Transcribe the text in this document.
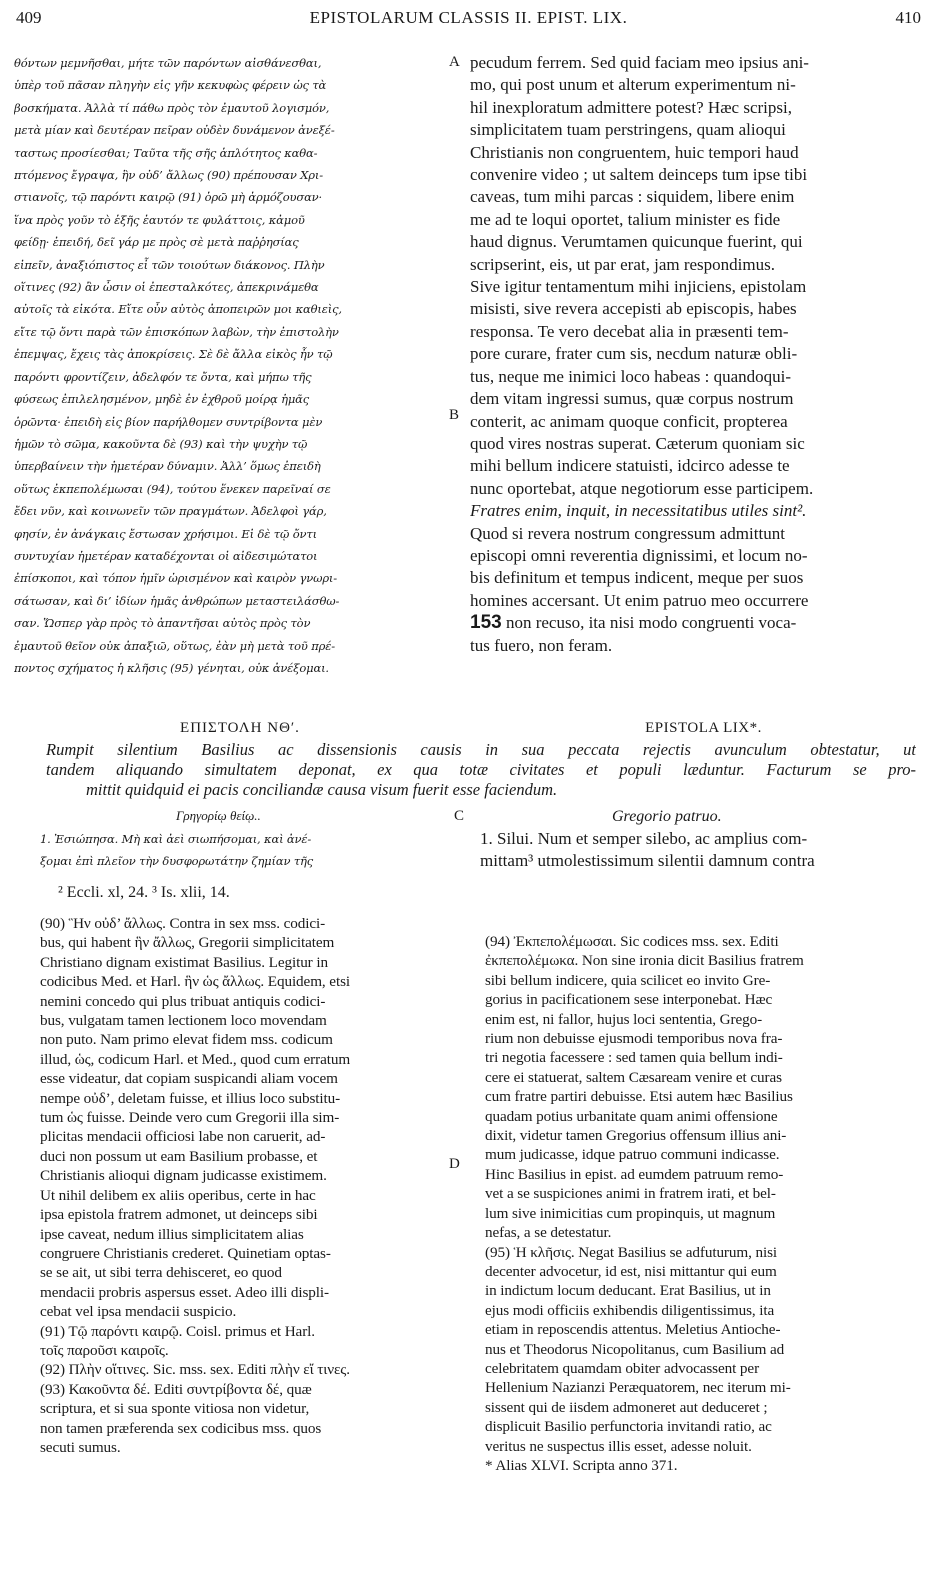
409	EPISTOLARUM CLASSIS II. EPIST. LIX.	410
A
B
C
D
θόντων μεμνῆσθαι, μήτε τῶν παρόντων αἰσθάνεσθαι,
ὑπὲρ τοῦ πᾶσαν πληγὴν εἰς γῆν κεκυφὼς φέρειν ὡς τὰ
βοσκήματα. Ἀλλὰ τί πάθω πρὸς τὸν ἐμαυτοῦ λογισμόν,
μετὰ μίαν καὶ δευτέραν πεῖραν οὐδὲν δυνάμενον ἀνεξέ-
ταστως προσίεσθαι; Ταῦτα τῆς σῆς ἁπλότητος καθα-
πτόμενος ἔγραψα, ἣν οὐδ’ ἄλλως (90) πρέπουσαν Χρι-
στιανοῖς, τῷ παρόντι καιρῷ (91) ὁρῶ μὴ ἁρμόζουσαν·
ἵνα πρὸς γοῦν τὸ ἑξῆς ἑαυτόν τε φυλάττοις, κἀμοῦ
φείδῃ· ἐπειδή, δεῖ γάρ με πρὸς σὲ μετὰ παῤῥησίας
εἰπεῖν, ἀναξιόπιστος εἶ τῶν τοιούτων διάκονος. Πλὴν
οἵτινες (92) ἂν ὦσιν οἱ ἐπεσταλκότες, ἀπεκρινάμεθα
αὐτοῖς τὰ εἰκότα. Εἴτε οὖν αὐτὸς ἀποπειρῶν μοι καθιεὶς,
εἴτε τῷ ὄντι παρὰ τῶν ἐπισκόπων λαβὼν, τὴν ἐπιστολὴν
ἐπεμψας, ἔχεις τὰς ἀποκρίσεις. Σὲ δὲ ἄλλα εἰκὸς ἦν τῷ
παρόντι φροντίζειν, ἀδελφόν τε ὄντα, καὶ μήπω τῆς
φύσεως ἐπιλελησμένον, μηδὲ ἐν ἐχθροῦ μοίρᾳ ἡμᾶς
ὁρῶντα· ἐπειδὴ εἰς βίον παρήλθομεν συντρίβοντα μὲν
ἡμῶν τὸ σῶμα, κακοῦντα δὲ (93) καὶ τὴν ψυχὴν τῷ
ὑπερβαίνειν τὴν ἡμετέραν δύναμιν. Ἀλλ’ ὅμως ἐπειδὴ
οὕτως ἐκπεπολέμωσαι (94), τούτου ἕνεκεν παρεῖναί σε
ἔδει νῦν, καὶ κοινωνεῖν τῶν πραγμάτων. Ἀδελφοὶ γάρ,
φησίν, ἐν ἀνάγκαις ἔστωσαν χρήσιμοι. Εἰ δὲ τῷ ὄντι
συντυχίαν ἡμετέραν καταδέχονται οἱ αἰδεσιμώτατοι
ἐπίσκοποι, καὶ τόπον ἡμῖν ὡρισμένον καὶ καιρὸν γνωρι-
σάτωσαν, καὶ δι’ ἰδίων ἡμᾶς ἀνθρώπων μεταστειλάσθω-
σαν. Ὥσπερ γὰρ πρὸς τὸ ἀπαντῆσαι αὐτὸς πρὸς τὸν
ἐμαυτοῦ θεῖον οὐκ ἀπαξιῶ, οὕτως, ἐὰν μὴ μετὰ τοῦ πρέ-
ποντος σχήματος ἡ κλῆσις (95) γένηται, οὐκ ἀνέξομαι.
pecudum ferrem. Sed quid faciam meo ipsius ani-
mo, qui post unum et alterum experimentum ni-
hil inexploratum admittere potest? Hæc scripsi,
simplicitatem tuam perstringens, quam alioqui
Christianis non congruentem, huic tempori haud
convenire video ; ut saltem deinceps tum ipse tibi
caveas, tum mihi parcas : siquidem, libere enim
me ad te loqui oportet, talium minister es fide
haud dignus. Verumtamen quicunque fuerint, qui
scripserint, eis, ut par erat, jam respondimus.
Sive igitur tentamentum mihi injiciens, epistolam
misisti, sive revera accepisti ab episcopis, habes
responsa. Te vero decebat alia in præsenti tem-
pore curare, frater cum sis, necdum naturæ obli-
tus, neque me inimici loco habeas : quandoqui-
dem vitam ingressi sumus, quæ corpus nostrum
conterit, ac animam quoque conficit, propterea
quod vires nostras superat. Cæterum quoniam sic
mihi bellum indicere statuisti, idcirco adesse te
nunc oportebat, atque negotiorum esse participem.
Fratres enim, inquit, in necessitatibus utiles sint².
Quod si revera nostrum congressum admittunt
episcopi omni reverentia dignissimi, et locum no-
bis definitum et tempus indicent, meque per suos
homines accersant. Ut enim patruo meo occurrere
153 non recuso, ita nisi modo congruenti voca-
tus fuero, non feram.
ΕΠΙΣΤΟΛΗ ΝΘ′.	EPISTOLA LIX*.
Rumpit silentium Basilius ac dissensionis causis in sua peccata rejectis avunculum obtestatur, ut
tandem aliquando simultatem deponat, ex qua totæ civitates et populi læduntur. Facturum se pro-
mittit quidquid ei pacis conciliandæ causa visum fuerit esse faciendum.
Γρηγορίῳ θείῳ..	Gregorio patruo.
1. Ἐσιώπησα. Μὴ καὶ ἀεὶ σιωπήσομαι, καὶ ἀνέ-
ξομαι ἐπὶ πλεῖον τὴν δυσφορωτάτην ζημίαν τῆς
1. Silui. Num et semper silebo, ac amplius com-
mittam³ utmolestissimum silentii damnum contra
² Eccli. xl, 24. ³ Is. xlii, 14.
(90) Ἣν οὐδ’ ἄλλως. Contra in sex mss. codici-
bus, qui habent ἣν ἄλλως, Gregorii simplicitatem
Christiano dignam existimat Basilius. Legitur in
codicibus Med. et Harl. ἣν ὡς ἄλλως. Equidem, etsi
nemini concedo qui plus tribuat antiquis codici-
bus, vulgatam tamen lectionem loco movendam
non puto. Nam primo elevat fidem mss. codicum
illud, ὡς, codicum Harl. et Med., quod cum erratum
esse videatur, dat copiam suspicandi aliam vocem
nempe οὐδ’, deletam fuisse, et illius loco substitu-
tum ὡς fuisse. Deinde vero cum Gregorii illa sim-
plicitas mendacii officiosi labe non caruerit, ad-
duci non possum ut eam Basilium probasse, et
Christianis alioqui dignam judicasse existimem.
Ut nihil delibem ex aliis operibus, certe in hac
ipsa epistola fratrem admonet, ut deinceps sibi
ipse caveat, nedum illius simplicitatem alias
congruere Christianis crederet. Quinetiam optas-
se se ait, ut sibi terra dehisceret, eo quod
mendacii probris aspersus esset. Adeo illi displi-
cebat vel ipsa mendacii suspicio.
(91) Τῷ παρόντι καιρῷ. Coisl. primus et Harl.
τοῖς παροῦσι καιροῖς.
(92) Πλὴν οἵτινες. Sic. mss. sex. Editi πλὴν εἴ τινες.
(93) Κακοῦντα δέ. Editi συντρίβοντα δέ, quæ
scriptura, et si sua sponte vitiosa non videtur,
non tamen præferenda sex codicibus mss. quos
secuti sumus.
(94) Ἐκπεπολέμωσαι. Sic codices mss. sex. Editi
ἐκπεπολέμωκα. Non sine ironia dicit Basilius fratrem
sibi bellum indicere, quia scilicet eo invito Gre-
gorius in pacificationem sese interponebat. Hæc
enim est, ni fallor, hujus loci sententia, Grego-
rium non debuisse ejusmodi temporibus nova fra-
tri negotia facessere : sed tamen quia bellum indi-
cere ei statuerat, saltem Cæsaream venire et curas
cum fratre partiri debuisse. Etsi autem hæc Basilius
quadam potius urbanitate quam animi offensione
dixit, videtur tamen Gregorius offensum illius ani-
mum judicasse, idque patruo communi indicasse.
Hinc Basilius in epist. ad eumdem patruum remo-
vet a se suspiciones animi in fratrem irati, et bel-
lum sive inimicitias cum propinquis, ut magnum
nefas, a se detestatur.
(95) Ἡ κλῆσις. Negat Basilius se adfuturum, nisi
decenter advocetur, id est, nisi mittantur qui eum
in indictum locum deducant. Erat Basilius, ut in
ejus modi officiis exhibendis diligentissimus, ita
etiam in reposcendis attentus. Meletius Antioche-
nus et Theodorus Nicopolitanus, cum Basilium ad
celebritatem quamdam obiter advocassent per
Hellenium Nazianzi Peræquatorem, nec iterum mi-
sissent qui de iisdem admoneret aut deduceret ;
displicuit Basilio perfunctoria invitandi ratio, ac
veritus ne suspectus illis esset, adesse noluit.
* Alias XLVI. Scripta anno 371.
